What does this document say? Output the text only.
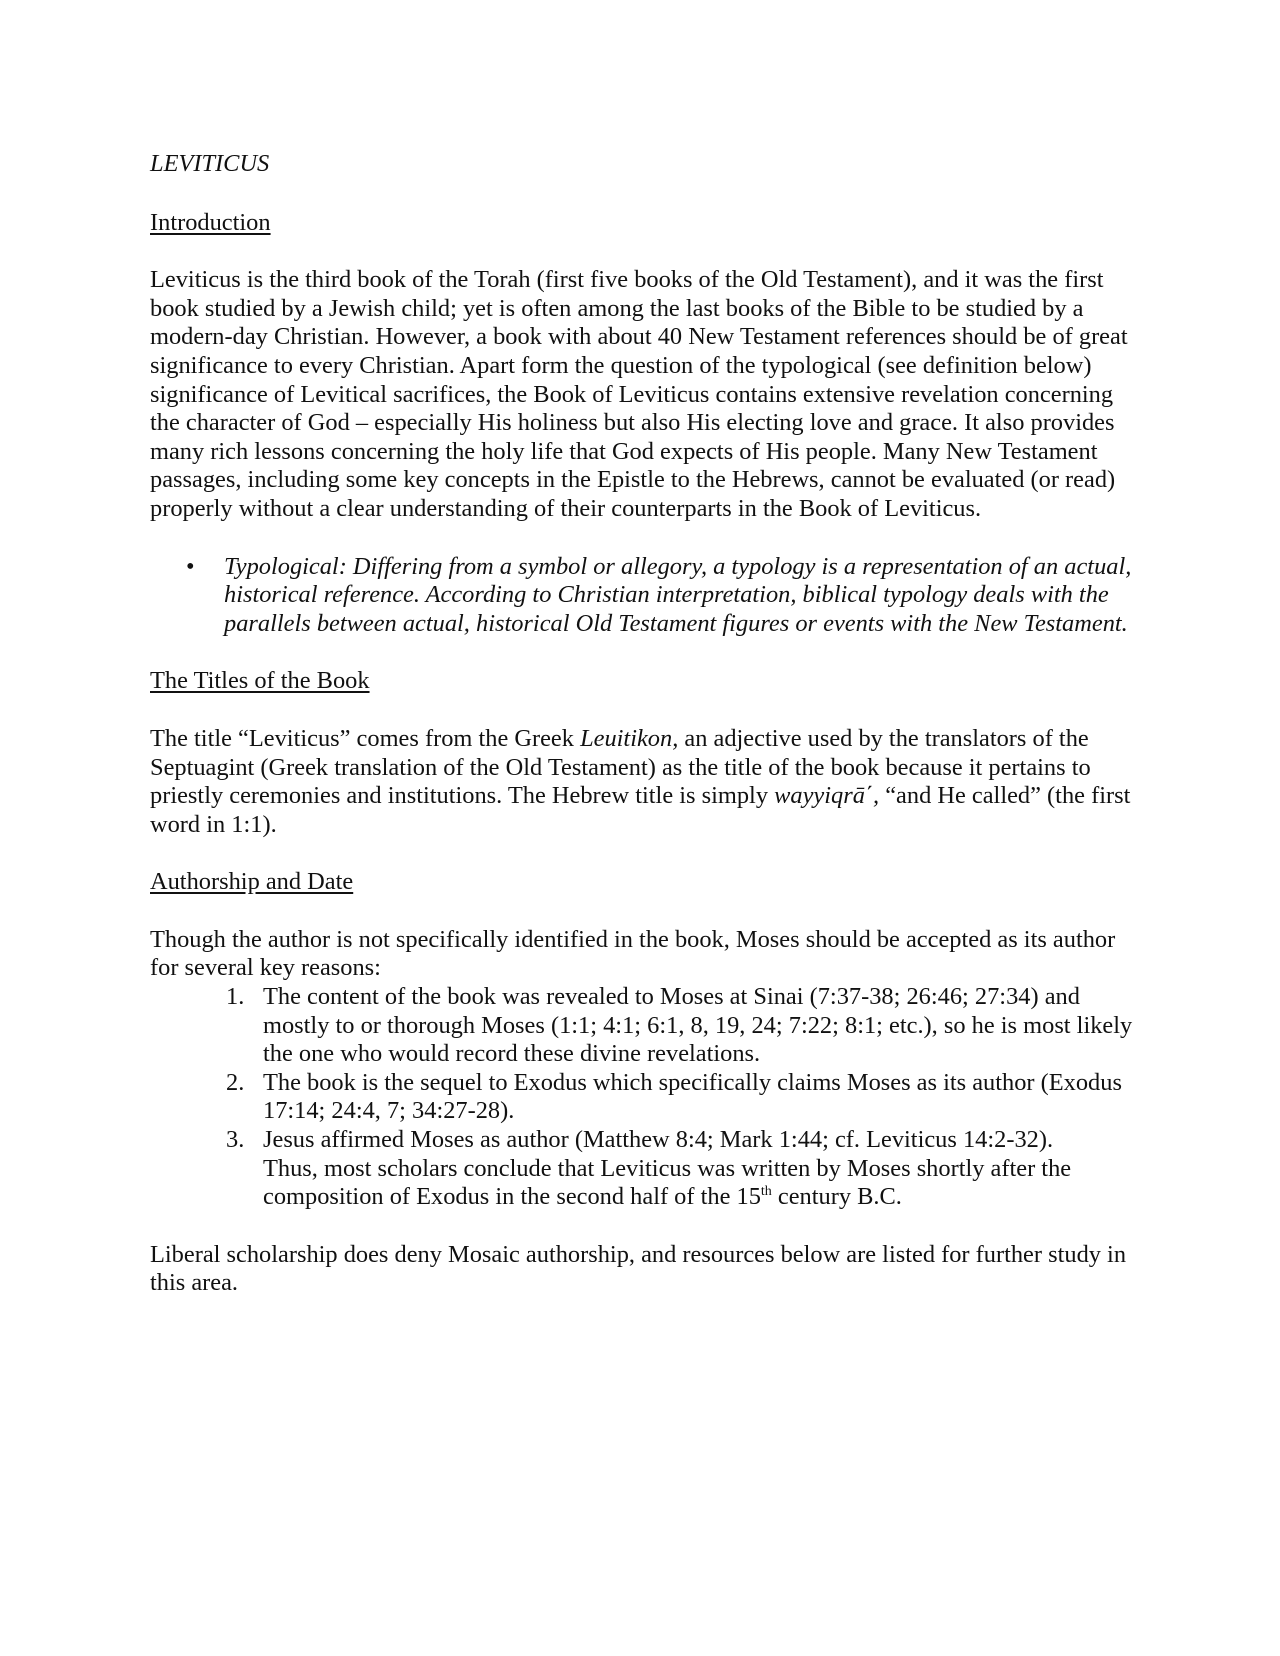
LEVITICUS

Introduction

Leviticus is the third book of the Torah (first five books of the Old Testament), and it was the first book studied by a Jewish child; yet is often among the last books of the Bible to be studied by a modern-day Christian. However, a book with about 40 New Testament references should be of great significance to every Christian. Apart form the question of the typological (see definition below) significance of Levitical sacrifices, the Book of Leviticus contains extensive revelation concerning the character of God – especially His holiness but also His electing love and grace. It also provides many rich lessons concerning the holy life that God expects of His people. Many New Testament passages, including some key concepts in the Epistle to the Hebrews, cannot be evaluated (or read) properly without a clear understanding of their counterparts in the Book of Leviticus.

• Typological: Differing from a symbol or allegory, a typology is a representation of an actual, historical reference. According to Christian interpretation, biblical typology deals with the parallels between actual, historical Old Testament figures or events with the New Testament.

The Titles of the Book

The title “Leviticus” comes from the Greek Leuitikon, an adjective used by the translators of the Septuagint (Greek translation of the Old Testament) as the title of the book because it pertains to priestly ceremonies and institutions. The Hebrew title is simply wayyiqrā΄, “and He called” (the first word in 1:1).

Authorship and Date

Though the author is not specifically identified in the book, Moses should be accepted as its author for several key reasons:

1. The content of the book was revealed to Moses at Sinai (7:37-38; 26:46; 27:34) and mostly to or thorough Moses (1:1; 4:1; 6:1, 8, 19, 24; 7:22; 8:1; etc.), so he is most likely the one who would record these divine revelations.
2. The book is the sequel to Exodus which specifically claims Moses as its author (Exodus 17:14; 24:4, 7; 34:27-28).
3. Jesus affirmed Moses as author (Matthew 8:4; Mark 1:44; cf. Leviticus 14:2-32).
Thus, most scholars conclude that Leviticus was written by Moses shortly after the composition of Exodus in the second half of the 15th century B.C.

Liberal scholarship does deny Mosaic authorship, and resources below are listed for further study in this area.
